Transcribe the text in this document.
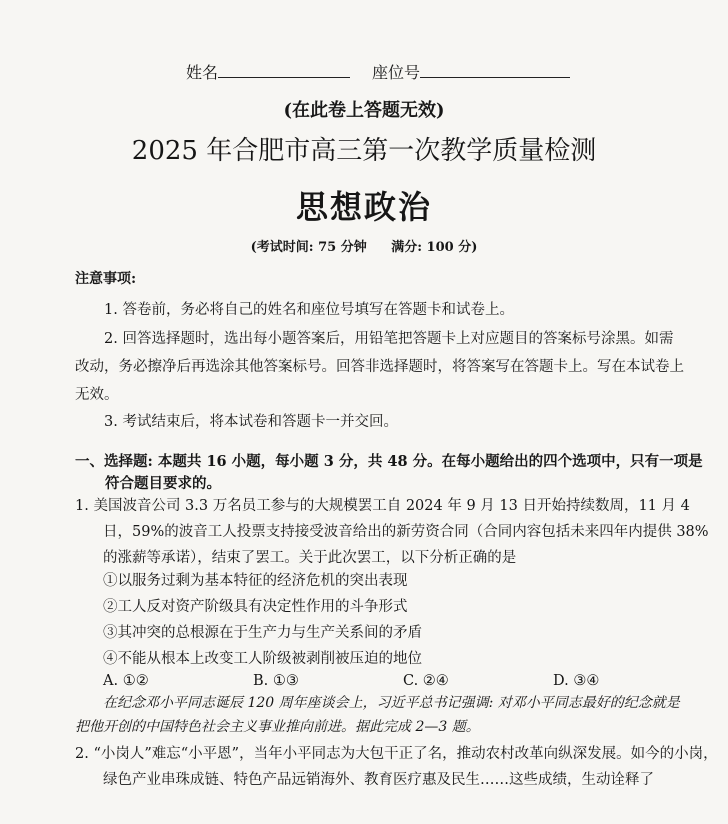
姓名	座位号
(在此卷上答题无效)
2025 年合肥市高三第一次教学质量检测
思想政治
(考试时间: 75 分钟 满分: 100 分)
注意事项:
1. 答卷前，务必将自己的姓名和座位号填写在答题卡和试卷上。
2. 回答选择题时，选出每小题答案后，用铅笔把答题卡上对应题目的答案标号涂黑。如需改动，务必擦净后再选涂其他答案标号。回答非选择题时，将答案写在答题卡上。写在本试卷上无效。
3. 考试结束后，将本试卷和答题卡一并交回。
一、选择题: 本题共 16 小题，每小题 3 分，共 48 分。在每小题给出的四个选项中，只有一项是符合题目要求的。
1. 美国波音公司 3.3 万名员工参与的大规模罢工自 2024 年 9 月 13 日开始持续数周，11 月 4 日，59%的波音工人投票支持接受波音给出的新劳资合同（合同内容包括未来四年内提供 38%的涨薪等承诺），结束了罢工。关于此次罢工，以下分析正确的是
①以服务过剩为基本特征的经济危机的突出表现
②工人反对资产阶级具有决定性作用的斗争形式
③其冲突的总根源在于生产力与生产关系间的矛盾
④不能从根本上改变工人阶级被剥削被压迫的地位
A. ①②	B. ①③	C. ②④	D. ③④
在纪念邓小平同志诞辰 120 周年座谈会上，习近平总书记强调: 对邓小平同志最好的纪念就是把他开创的中国特色社会主义事业推向前进。据此完成 2—3 题。
2. “小岗人”难忘“小平恩”，当年小平同志为大包干正了名，推动农村改革向纵深发展。如今的小岗，绿色产业串珠成链、特色产品远销海外、教育医疗惠及民生……这些成绩，生动诠释了
